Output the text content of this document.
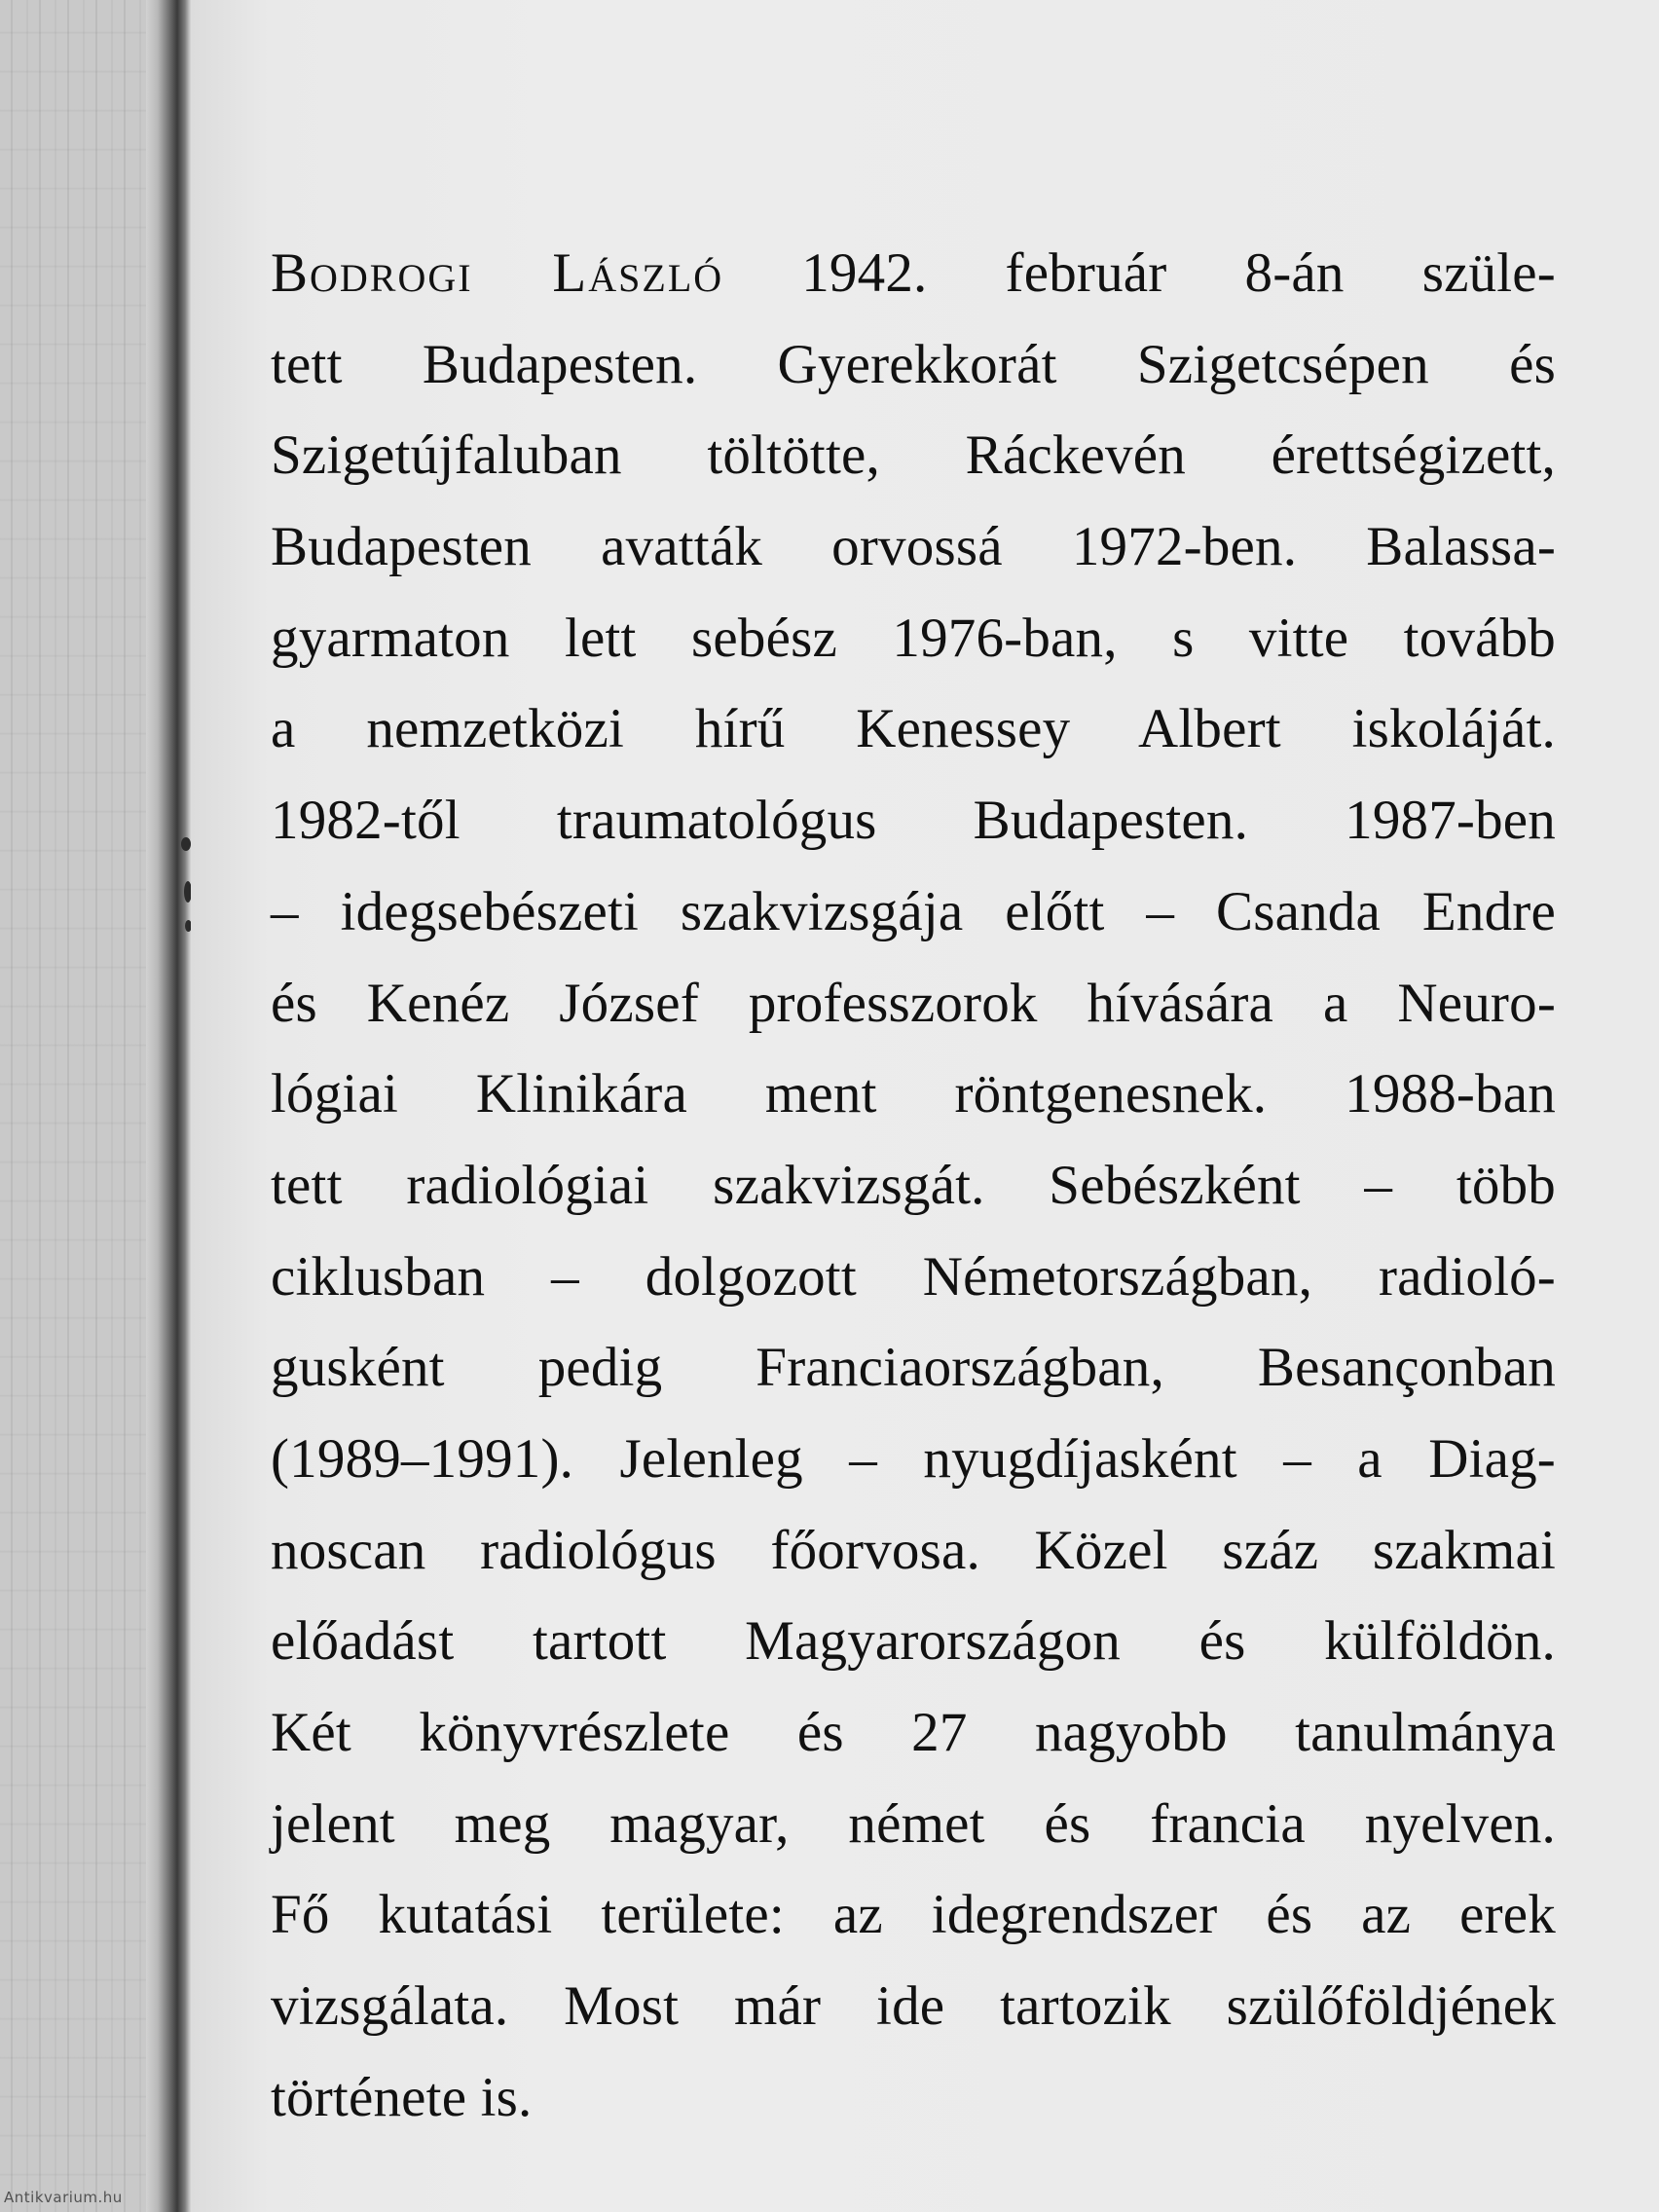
Bodrogi László 1942. február 8-án szüle-
tett Budapesten. Gyerekkorát Szigetcsépen és
Szigetújfaluban töltötte, Ráckevén érettségizett,
Budapesten avatták orvossá 1972-ben. Balassa-
gyarmaton lett sebész 1976-ban, s vitte tovább
a nemzetközi hírű Kenessey Albert iskoláját.
1982-től traumatológus Budapesten. 1987-ben
– idegsebészeti szakvizsgája előtt – Csanda Endre
és Kenéz József professzorok hívására a Neuro-
lógiai Klinikára ment röntgenesnek. 1988-ban
tett radiológiai szakvizsgát. Sebészként – több
ciklusban – dolgozott Németországban, radioló-
gusként pedig Franciaországban, Besançonban
(1989–1991). Jelenleg – nyugdíjasként – a Diag-
noscan radiológus főorvosa. Közel száz szakmai
előadást tartott Magyarországon és külföldön.
Két könyvrészlete és 27 nagyobb tanulmánya
jelent meg magyar, német és francia nyelven.
Fő kutatási területe: az idegrendszer és az erek
vizsgálata. Most már ide tartozik szülőföldjének
története is.
Antikvarium.hu
